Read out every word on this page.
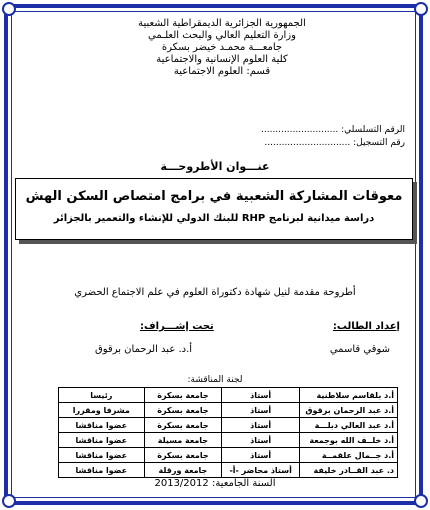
الجمهورية الجزائرية الديمقراطية الشعبية
وزارة التعليم العالي والبحث العلـمي
جامعـــة محمـد خيضر بسكرة
كلية العلوم الإنسانية والاجتماعية
قسم: العلوم الاجتماعية
الرقم التسلسلي: ...........................
رقم التسجيل: ..............................
عنـــوان الأطروحـــة
معوقات المشاركة الشعبية في برامج امتصاص السكن الهش
دراسة ميدانية لبرنامج RHP للبنك الدولي للإنشاء والتعمير بالجزائر
أطروحة مقدمة لنيل شهادة دكتوراة العلوم في علم الاجتماع الحضري
إعداد الطالب:
شوقي قاسمي
تحت إشـــراف:
أ.د. عبد الرحمان برقوق
لجنة المناقشة:
أ.د بلقاسم سلاطنية	أستاذ	جامعة بسكرة	رئيسا
أ.د عبد الرحمان برقوق	أستاذ	جامعة بسكرة	مشرفا ومقررا
أ.د عبد العالي دبلـــة	أستاذ	جامعة بسكرة	عضوا مناقشا
أ.د خلــف الله بوجمعة	أستاذ	جامعة مسيلة	عضوا مناقشا
أ.د جــمال علقمــة	أستاذ	جامعة بسكرة	عضوا مناقشا
د. عبد القــادر خليفة	أستاذ محاضر -أ-	جامعة ورقلة	عضوا مناقشا
السنة الجامعية: 2013/2012
